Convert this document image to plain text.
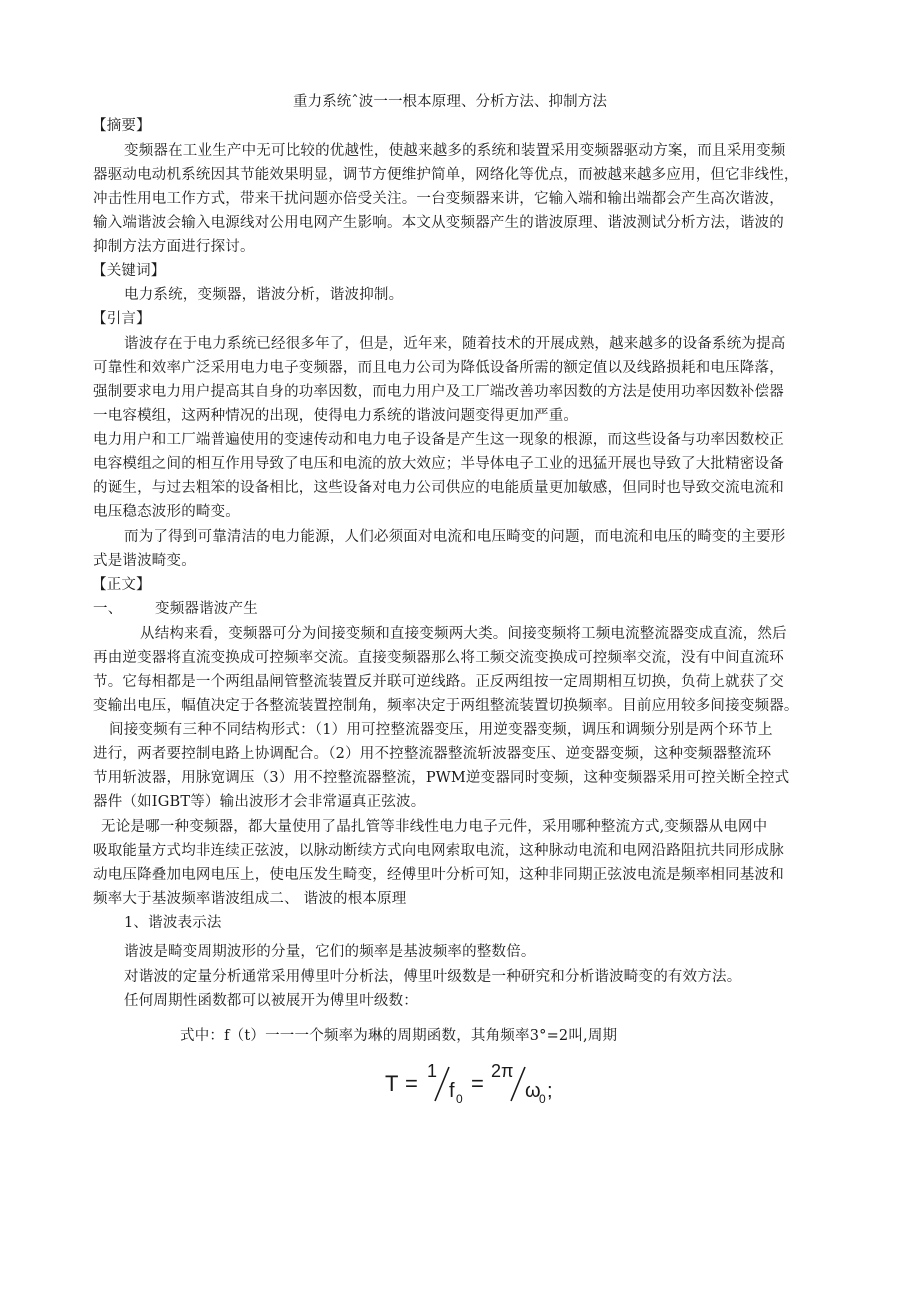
重力系统ˆ波一一根本原理、分析方法、抑制方法
【摘要】
变频器在工业生产中无可比较的优越性，使越来越多的系统和装置采用变频器驱动方案，而且采用变频
器驱动电动机系统因其节能效果明显，调节方便维护简单，网络化等优点，而被越来越多应用，但它非线性，
冲击性用电工作方式，带来干扰问题亦倍受关注。一台变频器来讲，它输入端和输出端都会产生高次谐波，
输入端谐波会输入电源线对公用电网产生影响。本文从变频器产生的谐波原理、谐波测试分析方法，谐波的
抑制方法方面进行探讨。
【关键词】
电力系统，变频器，谐波分析，谐波抑制。
【引言】
谐波存在于电力系统已经很多年了，但是，近年来，随着技术的开展成熟，越来越多的设备系统为提高
可靠性和效率广泛采用电力电子变频器，而且电力公司为降低设备所需的额定值以及线路损耗和电压降落，
强制要求电力用户提高其自身的功率因数，而电力用户及工厂端改善功率因数的方法是使用功率因数补偿器
一电容模组，这两种情况的出现，使得电力系统的谐波问题变得更加严重。
电力用户和工厂端普遍使用的变速传动和电力电子设备是产生这一现象的根源，而这些设备与功率因数校正
电容模组之间的相互作用导致了电压和电流的放大效应；半导体电子工业的迅猛开展也导致了大批精密设备
的诞生，与过去粗笨的设备相比，这些设备对电力公司供应的电能质量更加敏感，但同时也导致交流电流和
电压稳态波形的畸变。
而为了得到可靠清洁的电力能源，人们必须面对电流和电压畸变的问题，而电流和电压的畸变的主要形
式是谐波畸变。
【正文】
一、 变频器谐波产生
从结构来看，变频器可分为间接变频和直接变频两大类。间接变频将工频电流整流器变成直流，然后
再由逆变器将直流变换成可控频率交流。直接变频器那么将工频交流变换成可控频率交流，没有中间直流环
节。它每相都是一个两组晶闸管整流装置反并联可逆线路。正反两组按一定周期相互切换，负荷上就获了交
变输出电压，幅值决定于各整流装置控制角，频率决定于两组整流装置切换频率。目前应用较多间接变频器。
间接变频有三种不同结构形式：（1）用可控整流器变压，用逆变器变频，调压和调频分别是两个环节上
进行，两者要控制电路上协调配合。（2）用不控整流器整流斩波器变压、逆变器变频，这种变频器整流环
节用斩波器，用脉宽调压（3）用不控整流器整流，PWM逆变器同时变频，这种变频器采用可控关断全控式
器件（如IGBT等）输出波形才会非常逼真正弦波。
无论是哪一种变频器，都大量使用了晶扎管等非线性电力电子元件，采用哪种整流方式,变频器从电网中
吸取能量方式均非连续正弦波，以脉动断续方式向电网索取电流，这种脉动电流和电网沿路阻抗共同形成脉
动电压降叠加电网电压上，使电压发生畸变，经傅里叶分析可知，这种非同期正弦波电流是频率相同基波和
频率大于基波频率谐波组成二、 谐波的根本原理
1、谐波表示法
谐波是畸变周期波形的分量，它们的频率是基波频率的整数倍。
对谐波的定量分析通常采用傅里叶分析法，傅里叶级数是一种研究和分析谐波畸变的有效方法。
任何周期性函数都可以被展开为傅里叶级数：
式中：f（t）一一一个频率为琳的周期函数，其角频率3°=2叫,周期
T = 1
f 0
= 2π
ω
0 ;
